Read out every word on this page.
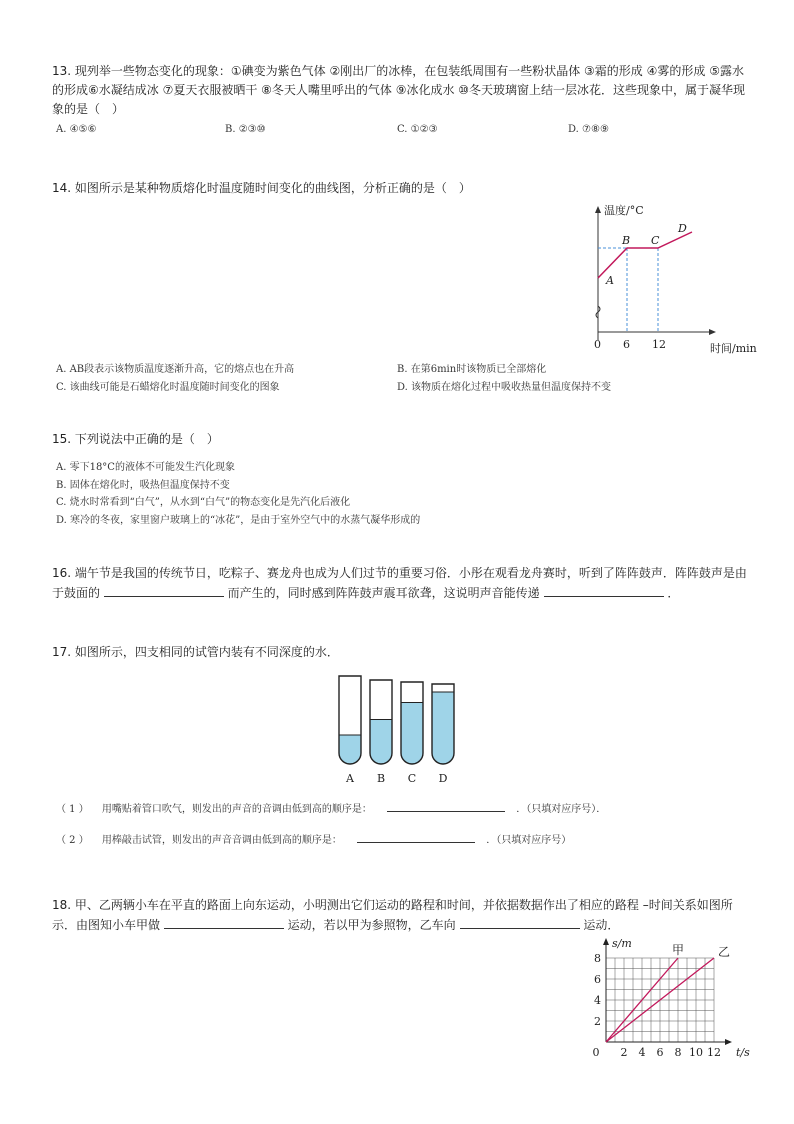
13. 现列举一些物态变化的现象：①碘变为紫色气体 ②刚出厂的冰棒，在包装纸周围有一些粉状晶体 ③霜的形成 ④雾的形成 ⑤露水的形成⑥水凝结成冰 ⑦夏天衣服被晒干 ⑧冬天人嘴里呼出的气体 ⑨冰化成水 ⑩冬天玻璃窗上结一层冰花．这些现象中，属于凝华现象的是（　）
A. ④⑤⑥	B. ②③⑩	C. ①②③	D. ⑦⑧⑨
14. 如图所示是某种物质熔化时温度随时间变化的曲线图，分析正确的是（　）
温度/°C
时间/min
0 6 12
A
B C
D
A. AB段表示该物质温度逐渐升高，它的熔点也在升高	B. 在第6min时该物质已全部熔化
C. 该曲线可能是石蜡熔化时温度随时间变化的图象	D. 该物质在熔化过程中吸收热量但温度保持不变
15. 下列说法中正确的是（　）
A. 零下18°C的液体不可能发生汽化现象
B. 固体在熔化时，吸热但温度保持不变
C. 烧水时常看到“白气”，从水到“白气”的物态变化是先汽化后液化
D. 寒冷的冬夜，家里窗户玻璃上的“冰花”，是由于室外空气中的水蒸气凝华形成的
16. 端午节是我国的传统节日，吃粽子、赛龙舟也成为人们过节的重要习俗．小彤在观看龙舟赛时，听到了阵阵鼓声．阵阵鼓声是由于鼓面的	而产生的，同时感到阵阵鼓声震耳欲聋，这说明声音能传递	．
17. 如图所示，四支相同的试管内装有不同深度的水．
A B C D
（ 1 ） 用嘴贴着管口吹气，则发出的声音的音调由低到高的顺序是：	．（只填对应序号）．
（ 2 ） 用棒敲击试管，则发出的声音音调由低到高的顺序是：	．（只填对应序号）
18. 甲、乙两辆小车在平直的路面上向东运动，小明测出它们运动的路程和时间，并依据数据作出了相应的路程 –时间关系如图所示．由图知小车甲做	运动，若以甲为参照物，乙车向	运动．
0 2 4 6 8 10 12
2
4
6
8
s/m
t/s
甲	乙
